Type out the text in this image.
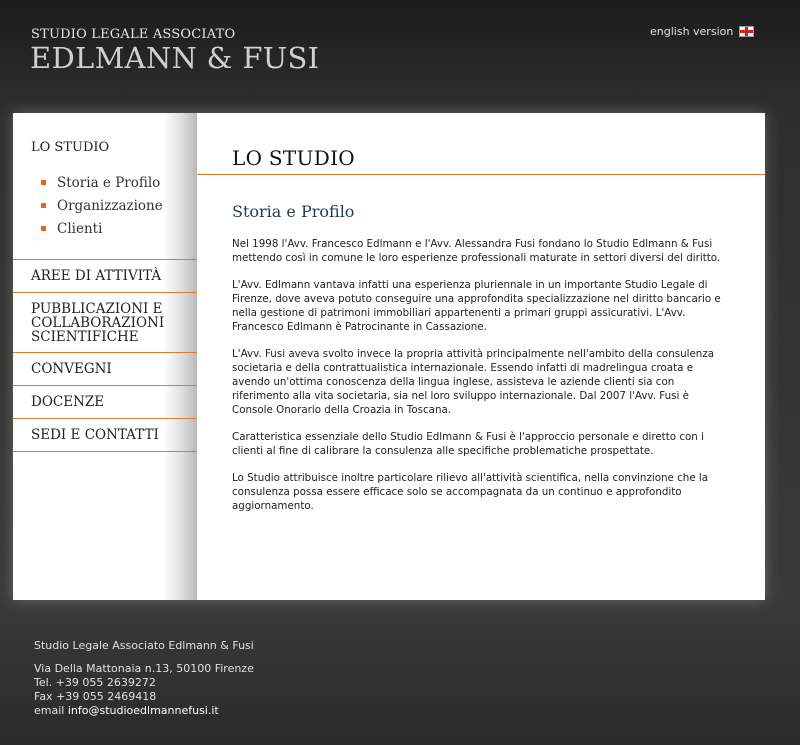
STUDIO LEGALE ASSOCIATO
EDLMANN & FUSI
english version
LO STUDIO
Storia e Profilo
Organizzazione
Clienti
AREE DI ATTIVITÀ
PUBBLICAZIONI E COLLABORAZIONI SCIENTIFICHE
CONVEGNI
DOCENZE
SEDI E CONTATTI
LO STUDIO
Storia e Profilo

Nel 1998 l'Avv. Francesco Edlmann e l'Avv. Alessandra Fusi fondano lo Studio Edlmann & Fusi mettendo così in comune le loro esperienze professionali maturate in settori diversi del diritto.

L'Avv. Edlmann vantava infatti una esperienza pluriennale in un importante Studio Legale di Firenze, dove aveva potuto conseguire una approfondita specializzazione nel diritto bancario e nella gestione di patrimoni immobiliari appartenenti a primari gruppi assicurativi. L'Avv. Francesco Edlmann è Patrocinante in Cassazione.

L'Avv. Fusi aveva svolto invece la propria attività principalmente nell'ambito della consulenza societaria e della contrattualistica internazionale. Essendo infatti di madrelingua croata e avendo un'ottima conoscenza della lingua inglese, assisteva le aziende clienti sia con riferimento alla vita societaria, sia nel loro sviluppo internazionale. Dal 2007 l'Avv. Fusi è Console Onorario della Croazia in Toscana.

Caratteristica essenziale dello Studio Edlmann & Fusi è l'approccio personale e diretto con i clienti al fine di calibrare la consulenza alle specifiche problematiche prospettate.

Lo Studio attribuisce inoltre particolare rilievo all'attività scientifica, nella convinzione che la consulenza possa essere efficace solo se accompagnata da un continuo e approfondito aggiornamento.

Studio Legale Associato Edlmann & Fusi
Via Della Mattonaia n.13, 50100 Firenze
Tel. +39 055 2639272
Fax +39 055 2469418
email info@studioedlmannefusi.it
